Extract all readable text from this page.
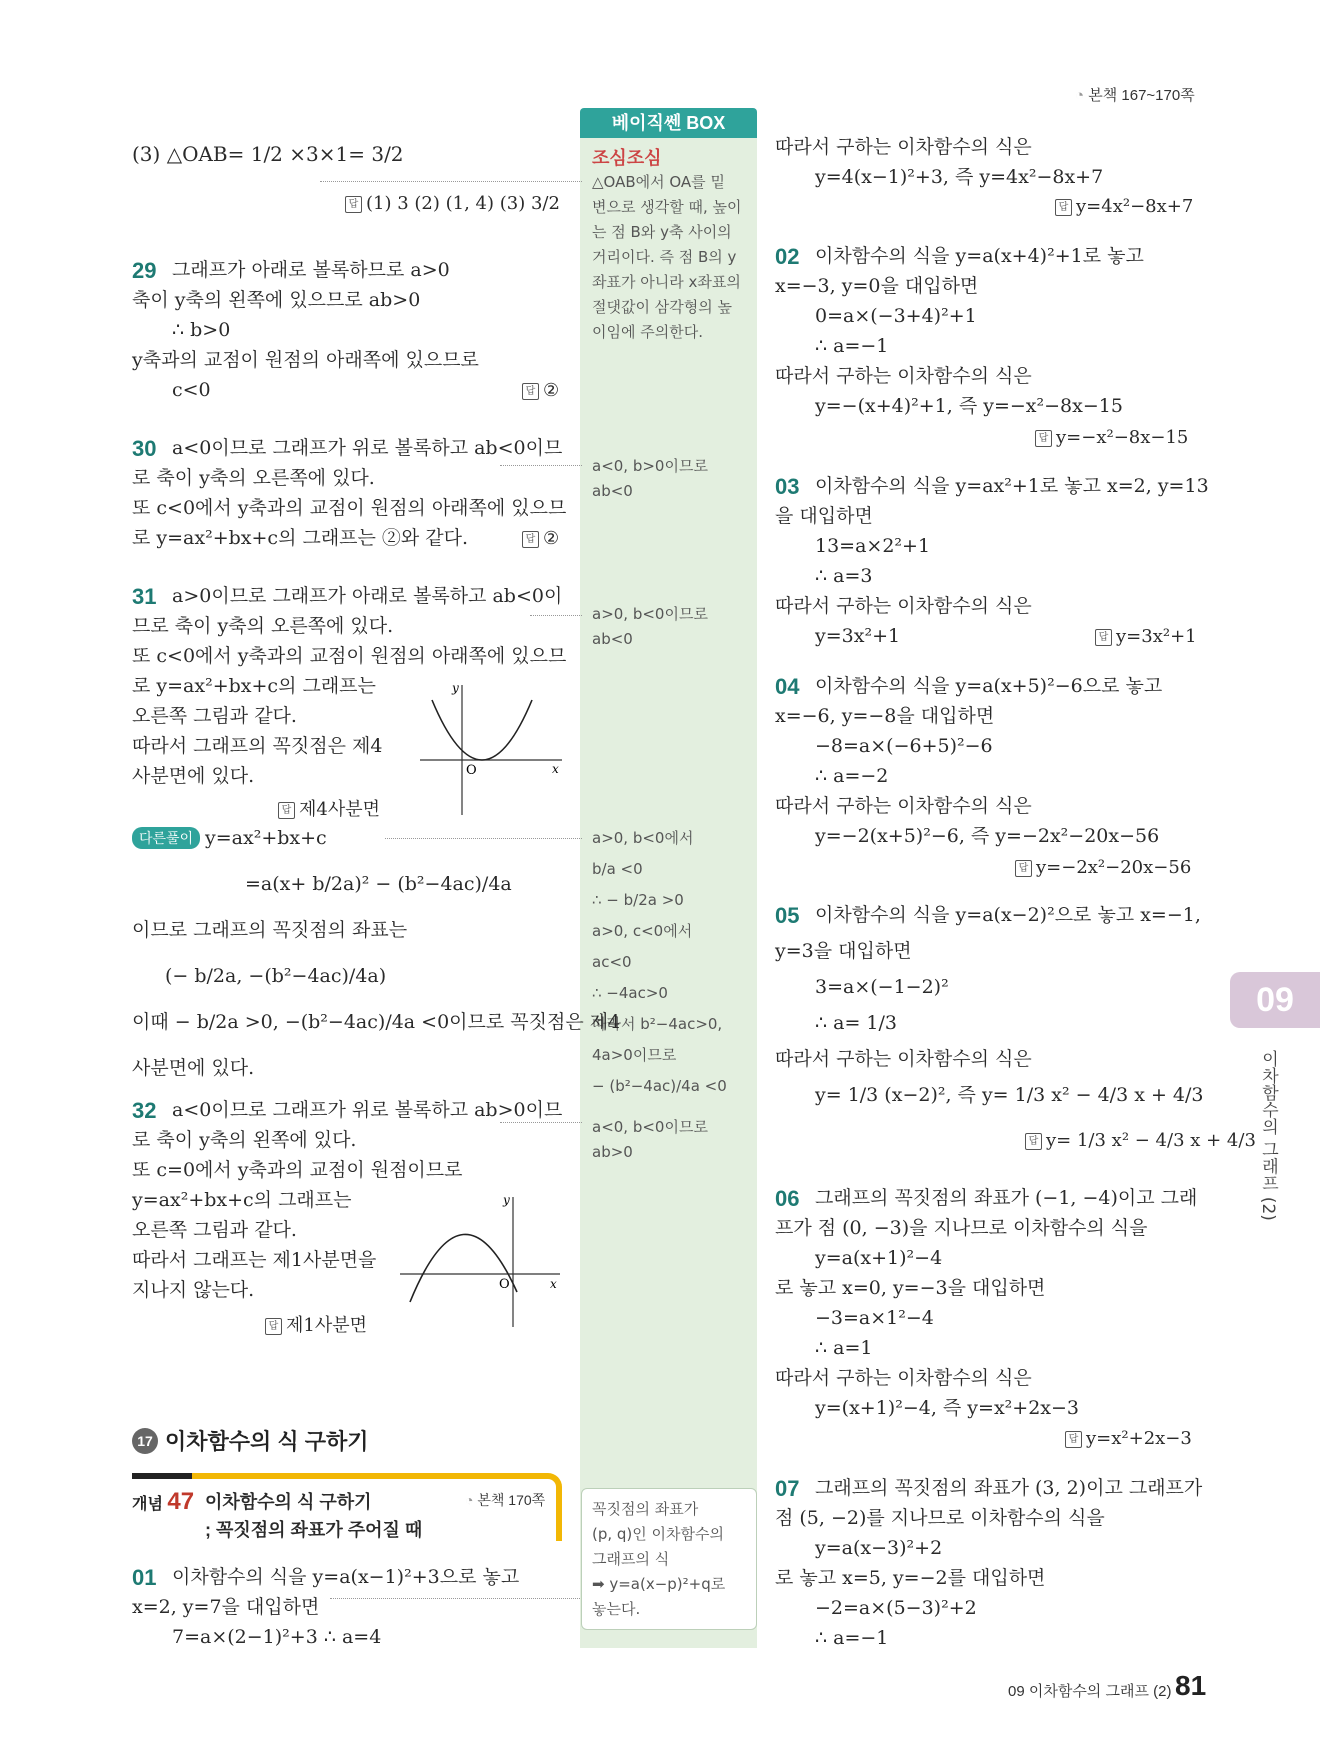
◔ 본책 167~170쪽
베이직쎈 BOX
조심조심
△OAB에서 OA를 밑
변으로 생각할 때, 높이
는 점 B와 y축 사이의
거리이다. 즉 점 B의 y
좌표가 아니라 x좌표의
절댓값이 삼각형의 높
이임에 주의한다.
a<0, b>0이므로
ab<0
a>0, b<0이므로
ab<0
a>0, b<0에서
b/a <0
∴ − b/2a >0
a>0, c<0에서
ac<0
∴ −4ac>0
따라서 b²−4ac>0,
4a>0이므로
− (b²−4ac)/4a <0
a<0, b<0이므로
ab>0
꼭짓점의 좌표가
(p, q)인 이차함수의
그래프의 식
➡ y=a(x−p)²+q로
놓는다.
(3) △OAB= 1/2 ×3×1= 3/2
답 (1) 3 (2) (1, 4) (3) 3/2
29 그래프가 아래로 볼록하므로 a>0
축이 y축의 왼쪽에 있으므로 ab>0
∴ b>0
y축과의 교점이 원점의 아래쪽에 있으므로
c<0	답 ②
30 a<0이므로 그래프가 위로 볼록하고 ab<0이므
로 축이 y축의 오른쪽에 있다.
또 c<0에서 y축과의 교점이 원점의 아래쪽에 있으므
로 y=ax²+bx+c의 그래프는 ②와 같다.	답 ②
31 a>0이므로 그래프가 아래로 볼록하고 ab<0이
므로 축이 y축의 오른쪽에 있다.
또 c<0에서 y축과의 교점이 원점의 아래쪽에 있으므
로 y=ax²+bx+c의 그래프는
오른쪽 그림과 같다.
따라서 그래프의 꼭짓점은 제4
사분면에 있다.
답 제4사분면
y
x
O
다른풀이 y=ax²+bx+c
=a(x+ b/2a)² − (b²−4ac)/4a
이므로 그래프의 꼭짓점의 좌표는
(− b/2a, −(b²−4ac)/4a)
이때 − b/2a >0, −(b²−4ac)/4a <0이므로 꼭짓점은 제4
사분면에 있다.
32 a<0이므로 그래프가 위로 볼록하고 ab>0이므
로 축이 y축의 왼쪽에 있다.
또 c=0에서 y축과의 교점이 원점이므로
y=ax²+bx+c의 그래프는
오른쪽 그림과 같다.
따라서 그래프는 제1사분면을
지나지 않는다.
답 제1사분면
y
x
O
17 이차함수의 식 구하기
개념 47 이차함수의 식 구하기
; 꼭짓점의 좌표가 주어질 때
◔ 본책 170쪽
01 이차함수의 식을 y=a(x−1)²+3으로 놓고
x=2, y=7을 대입하면
7=a×(2−1)²+3 ∴ a=4
따라서 구하는 이차함수의 식은
y=4(x−1)²+3, 즉 y=4x²−8x+7
답 y=4x²−8x+7
02 이차함수의 식을 y=a(x+4)²+1로 놓고
x=−3, y=0을 대입하면
0=a×(−3+4)²+1
∴ a=−1
따라서 구하는 이차함수의 식은
y=−(x+4)²+1, 즉 y=−x²−8x−15
답 y=−x²−8x−15
03 이차함수의 식을 y=ax²+1로 놓고 x=2, y=13
을 대입하면
13=a×2²+1
∴ a=3
따라서 구하는 이차함수의 식은
y=3x²+1	답 y=3x²+1
04 이차함수의 식을 y=a(x+5)²−6으로 놓고
x=−6, y=−8을 대입하면
−8=a×(−6+5)²−6
∴ a=−2
따라서 구하는 이차함수의 식은
y=−2(x+5)²−6, 즉 y=−2x²−20x−56
답 y=−2x²−20x−56
05 이차함수의 식을 y=a(x−2)²으로 놓고 x=−1,
y=3을 대입하면
3=a×(−1−2)²
∴ a= 1/3
따라서 구하는 이차함수의 식은
y= 1/3 (x−2)², 즉 y= 1/3 x² − 4/3 x + 4/3
답 y= 1/3 x² − 4/3 x + 4/3
06 그래프의 꼭짓점의 좌표가 (−1, −4)이고 그래
프가 점 (0, −3)을 지나므로 이차함수의 식을
y=a(x+1)²−4
로 놓고 x=0, y=−3을 대입하면
−3=a×1²−4
∴ a=1
따라서 구하는 이차함수의 식은
y=(x+1)²−4, 즉 y=x²+2x−3
답 y=x²+2x−3
07 그래프의 꼭짓점의 좌표가 (3, 2)이고 그래프가
점 (5, −2)를 지나므로 이차함수의 식을
y=a(x−3)²+2
로 놓고 x=5, y=−2를 대입하면
−2=a×(5−3)²+2
∴ a=−1
09
이차함수의 그래프 (2)
09 이차함수의 그래프 (2) 81
